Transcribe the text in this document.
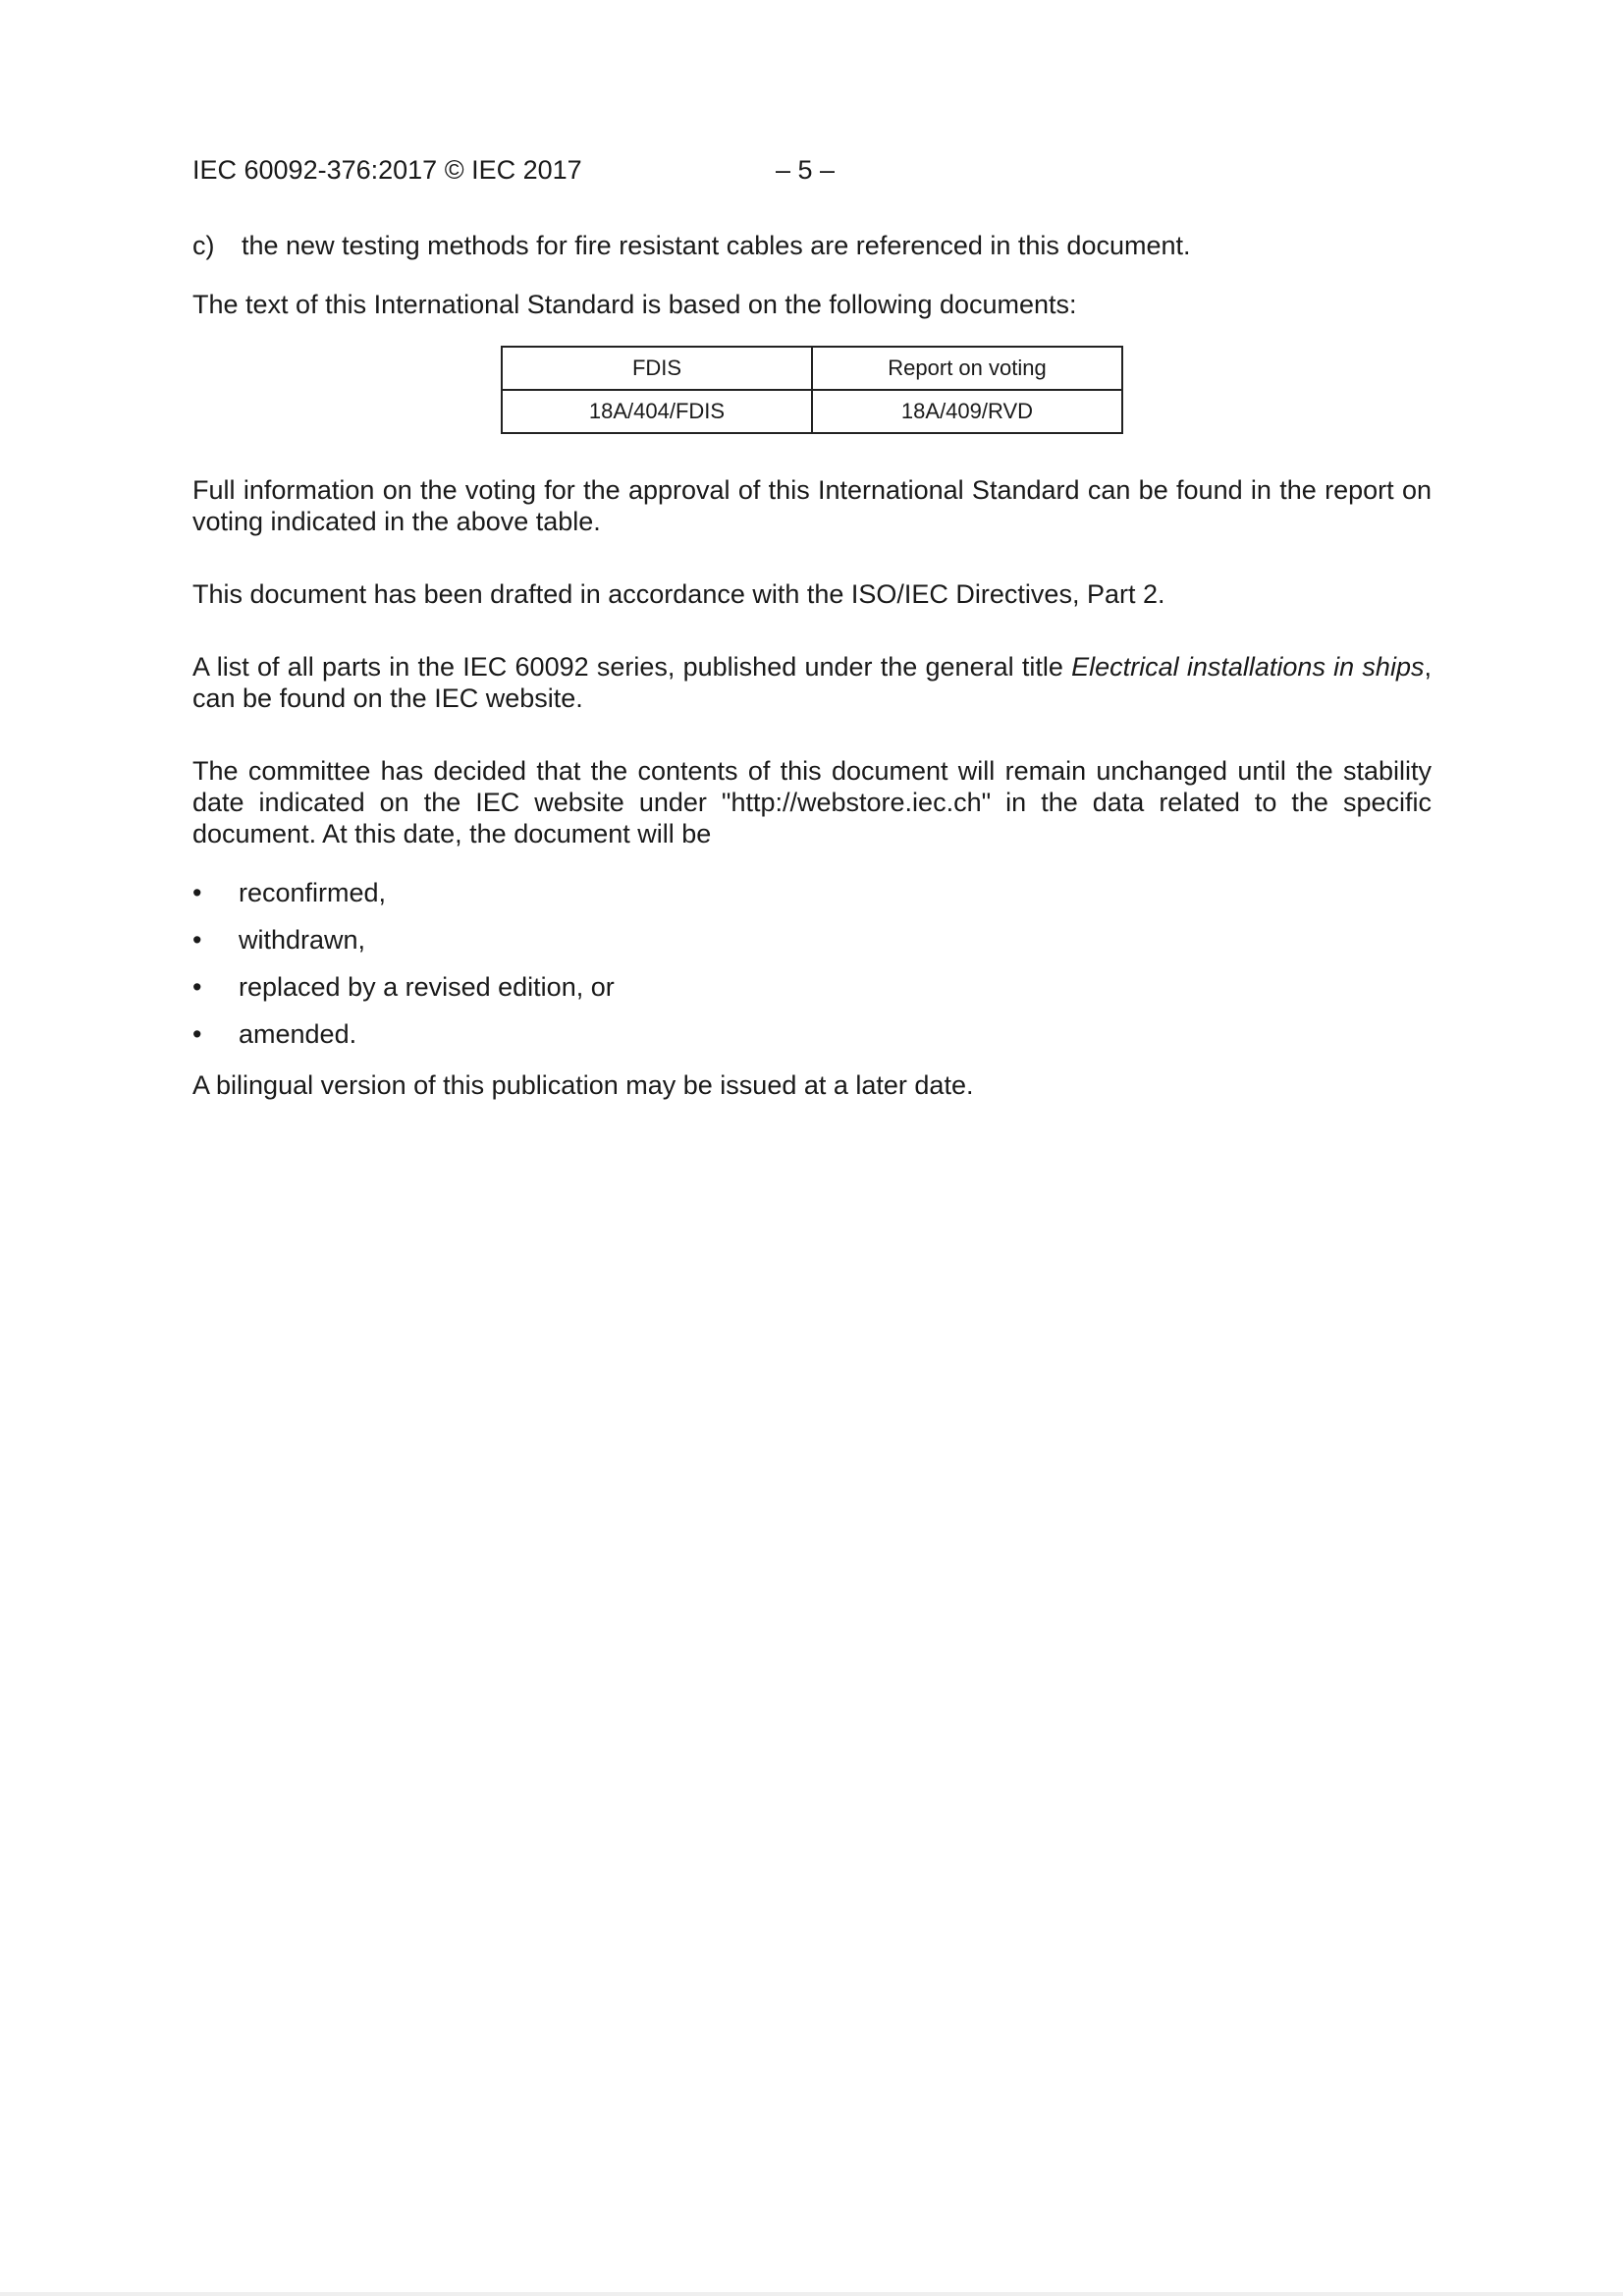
IEC 60092-376:2017 © IEC 2017	– 5 –
c)	the new testing methods for fire resistant cables are referenced in this document.

The text of this International Standard is based on the following documents:

FDIS	Report on voting
18A/404/FDIS	18A/409/RVD

Full information on the voting for the approval of this International Standard can be found in the report on voting indicated in the above table.

This document has been drafted in accordance with the ISO/IEC Directives, Part 2.

A list of all parts in the IEC 60092 series, published under the general title Electrical installations in ships, can be found on the IEC website.

The committee has decided that the contents of this document will remain unchanged until the stability date indicated on the IEC website under "http://webstore.iec.ch" in the data related to the specific document. At this date, the document will be

•	reconfirmed,
•	withdrawn,
•	replaced by a revised edition, or
•	amended.

A bilingual version of this publication may be issued at a later date.
